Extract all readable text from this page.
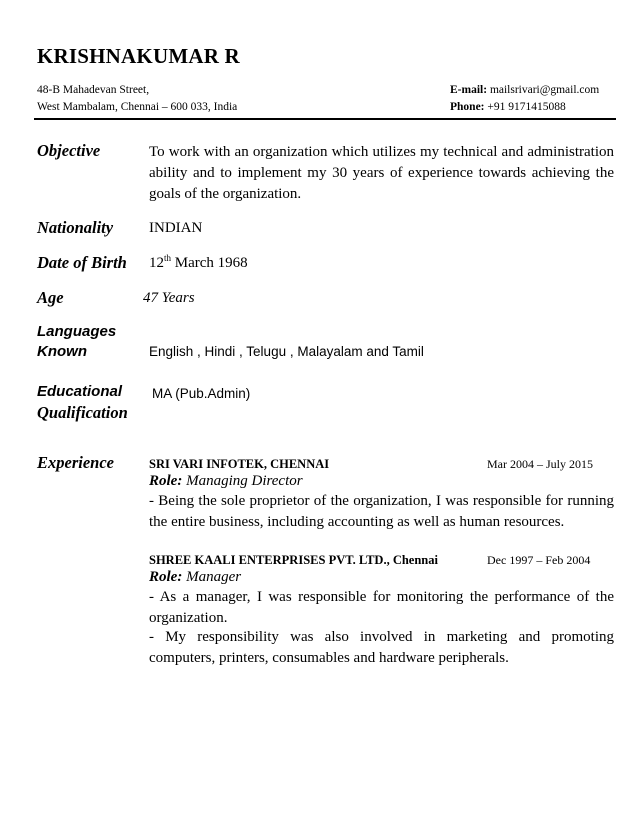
KRISHNAKUMAR R
48-B Mahadevan Street,
West Mambalam, Chennai – 600 033, India
E-mail: mailsrivari@gmail.com
Phone: +91 9171415088
Objective	To work with an organization which utilizes my technical and administration ability and to implement my 30 years of experience towards achieving the goals of the organization.
Nationality INDIAN
Date of Birth 12th March 1968
Age	47 Years
Languages
Known	English , Hindi , Telugu , Malayalam and Tamil
Educational
Qualification
MA (Pub.Admin)
Experience	SRI VARI INFOTEK, CHENNAI	Mar 2004 – July 2015
Role: Managing Director
- Being the sole proprietor of the organization, I was responsible for running the entire business, including accounting as well as human resources.
SHREE KAALI ENTERPRISES PVT. LTD., Chennai	Dec 1997 – Feb 2004
Role: Manager
- As a manager, I was responsible for monitoring the performance of the organization.
- My responsibility was also involved in marketing and promoting computers, printers, consumables and hardware peripherals.
